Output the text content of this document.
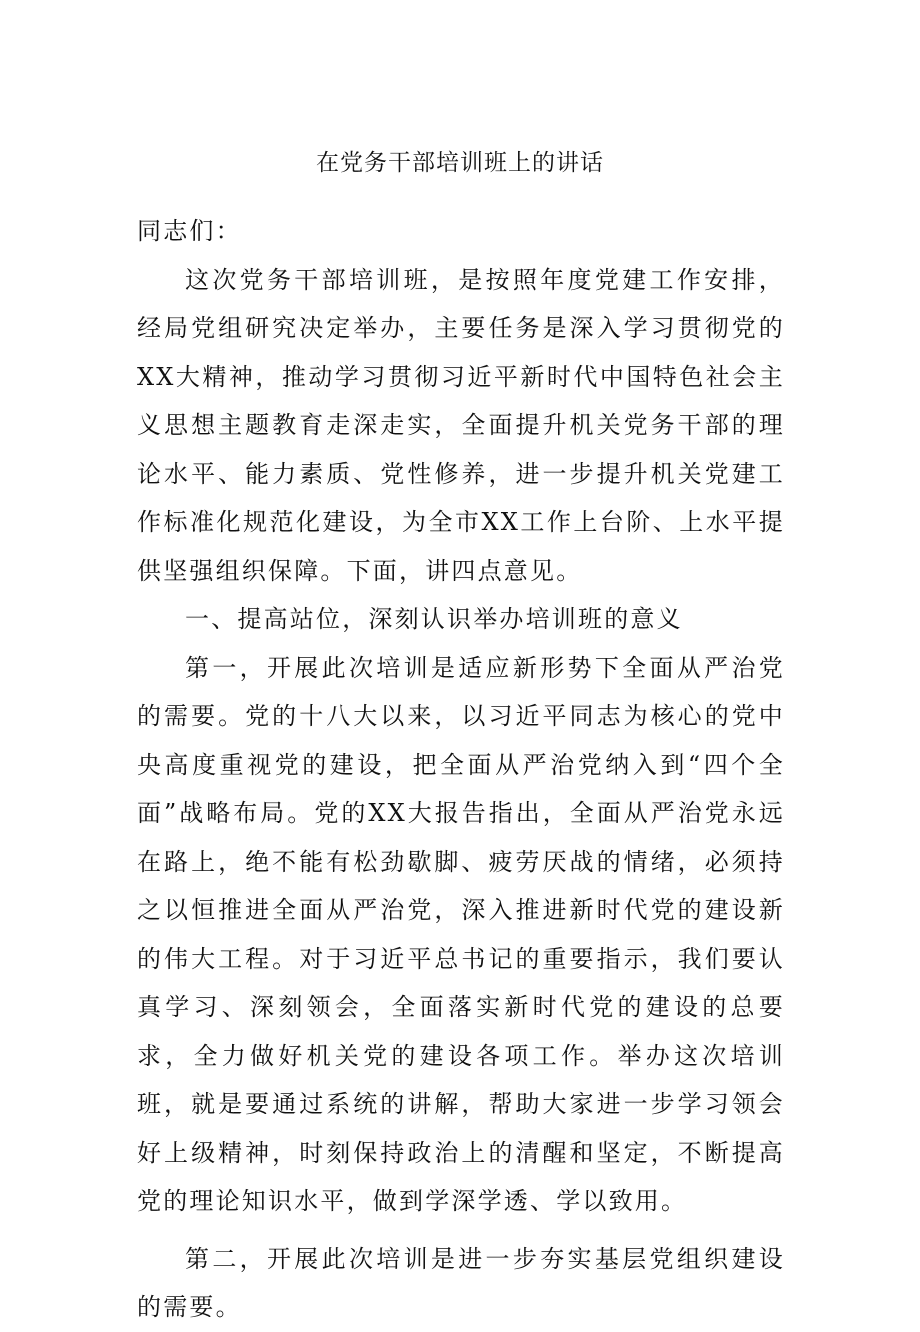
在党务干部培训班上的讲话

同志们：

这次党务干部培训班，是按照年度党建工作安排，经局党组研究决定举办，主要任务是深入学习贯彻党的XX大精神，推动学习贯彻习近平新时代中国特色社会主义思想主题教育走深走实，全面提升机关党务干部的理论水平、能力素质、党性修养，进一步提升机关党建工作标准化规范化建设，为全市XX工作上台阶、上水平提供坚强组织保障。下面，讲四点意见。

一、提高站位，深刻认识举办培训班的意义

第一，开展此次培训是适应新形势下全面从严治党的需要。党的十八大以来，以习近平同志为核心的党中央高度重视党的建设，把全面从严治党纳入到“四个全面”战略布局。党的XX大报告指出，全面从严治党永远在路上，绝不能有松劲歇脚、疲劳厌战的情绪，必须持之以恒推进全面从严治党，深入推进新时代党的建设新的伟大工程。对于习近平总书记的重要指示，我们要认真学习、深刻领会，全面落实新时代党的建设的总要求，全力做好机关党的建设各项工作。举办这次培训班，就是要通过系统的讲解，帮助大家进一步学习领会好上级精神，时刻保持政治上的清醒和坚定，不断提高党的理论知识水平，做到学深学透、学以致用。

第二，开展此次培训是进一步夯实基层党组织建设的需要。
